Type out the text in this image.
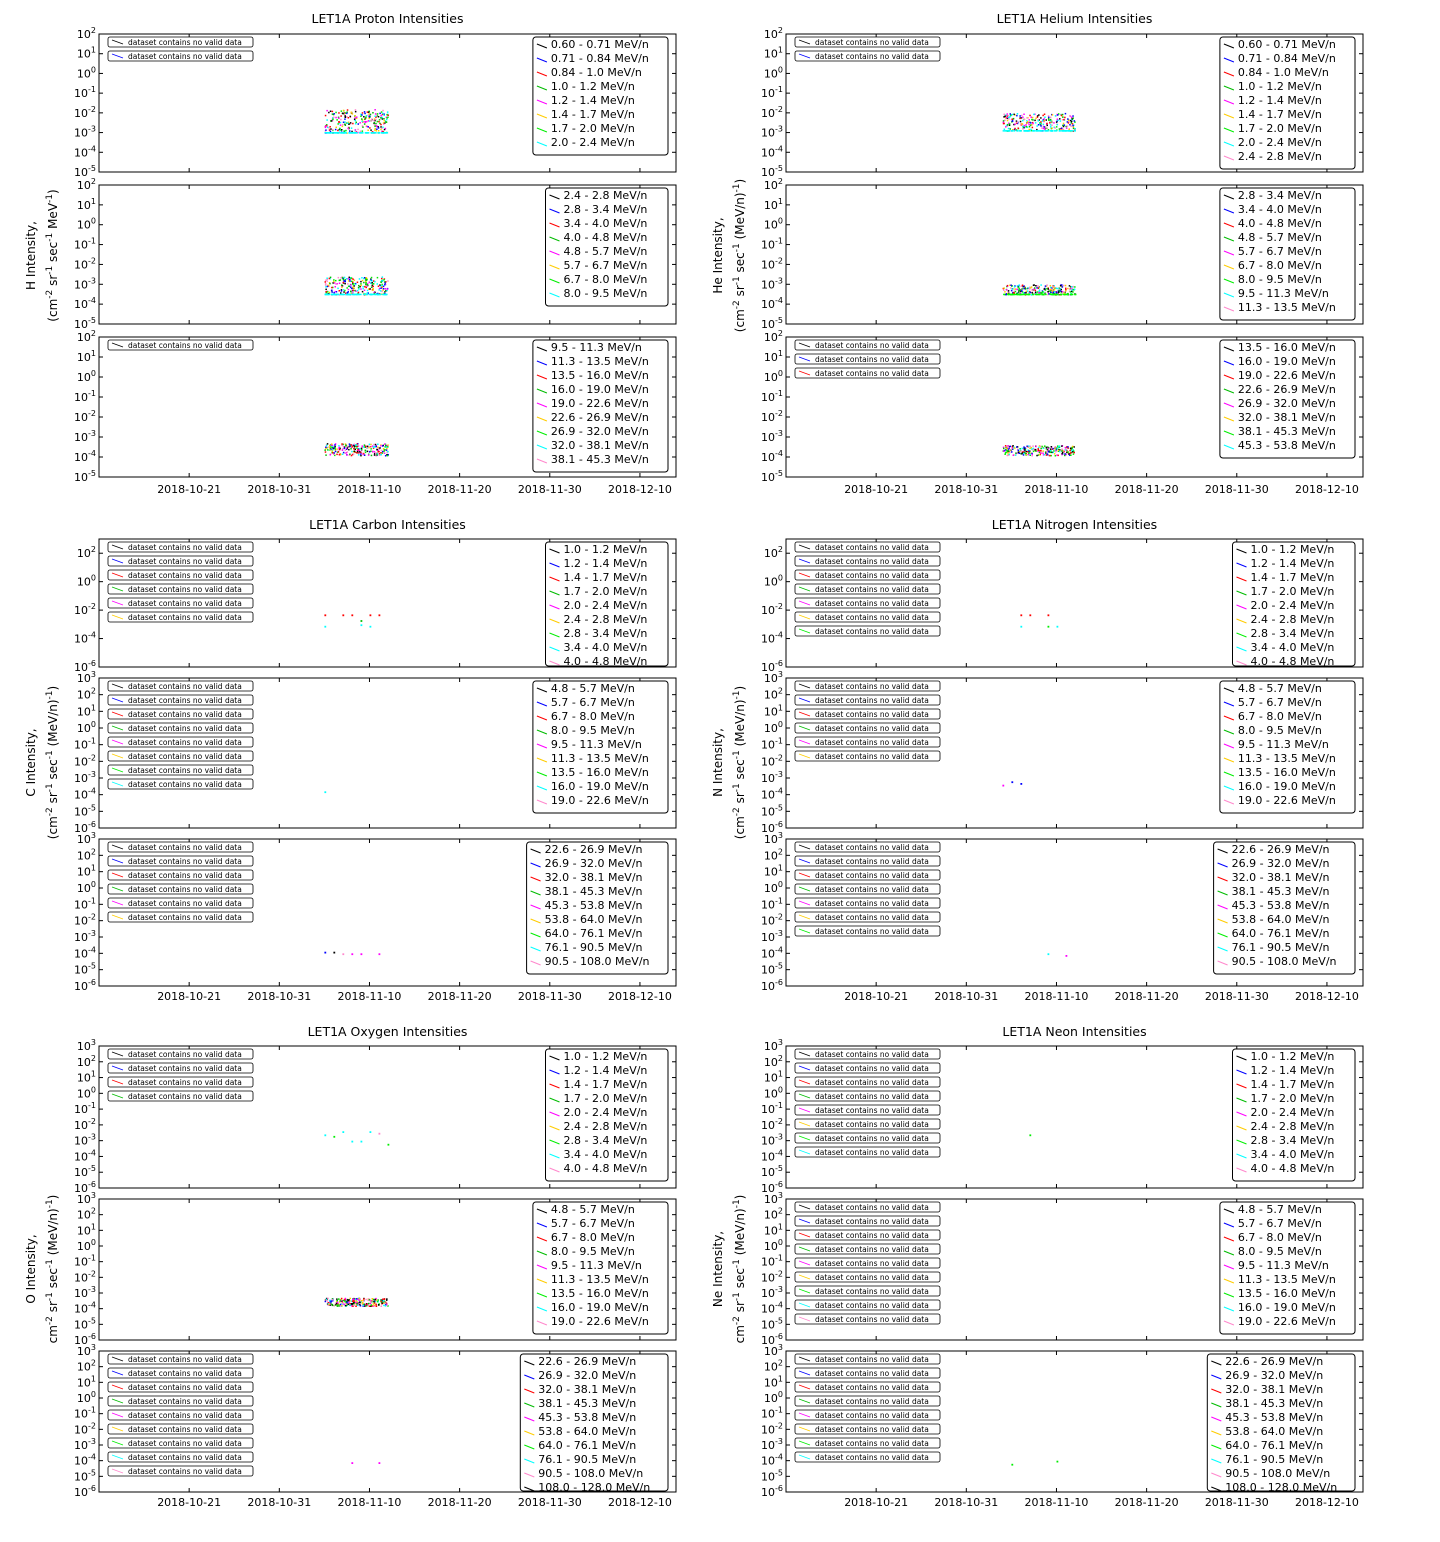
LET1A Proton Intensities
H Intensity,
($cm^{-2}$ $sr^{-1}$ $\sec^{-1} MeV^{-1}$)
$10^{-5}$
$10^{-4}$
$10^{-3}$
$10^{-2}$
$10^{-1}$
$10^0$
$10^1$
$10^2$
dataset contains no valid data
dataset contains no valid data
0.60 - 0.71 MeV/n
0.71 - 0.84 MeV/n
0.84 - 1.0 MeV/n
1.0 - 1.2 MeV/n
1.2 - 1.4 MeV/n
1.4 - 1.7 MeV/n
1.7 - 2.0 MeV/n
2.0 - 2.4 MeV/n
$10^{-5}$
$10^{-4}$
$10^{-3}$
$10^{-2}$
$10^{-1}$
$10^0$
$10^1$
$10^2$
2.4 - 2.8 MeV/n
2.8 - 3.4 MeV/n
3.4 - 4.0 MeV/n
4.0 - 4.8 MeV/n
4.8 - 5.7 MeV/n
5.7 - 6.7 MeV/n
6.7 - 8.0 MeV/n
8.0 - 9.5 MeV/n
$10^{-5}$
$10^{-4}$
$10^{-3}$
$10^{-2}$
$10^{-1}$
$10^0$
$10^1$
$10^2$
dataset contains no valid data	9.5 - 11.3 MeV/n
11.3 - 13.5 MeV/n
13.5 - 16.0 MeV/n
16.0 - 19.0 MeV/n
19.0 - 22.6 MeV/n
22.6 - 26.9 MeV/n
26.9 - 32.0 MeV/n
32.0 - 38.1 MeV/n
38.1 - 45.3 MeV/n
2018-10-21 2018-10-31 2018-11-10 2018-11-20 2018-11-30 2018-12-10
LET1A Helium Intensities
He Intensity,
($cm^{-2}$ $sr^{-1}$ $\sec^{-1} (MeV/n)^{-1}$)
$10^{-5}$
$10^{-4}$
$10^{-3}$
$10^{-2}$
$10^{-1}$
$10^0$
$10^1$
$10^2$
dataset contains no valid data
dataset contains no valid data
0.60 - 0.71 MeV/n
0.71 - 0.84 MeV/n
0.84 - 1.0 MeV/n
1.0 - 1.2 MeV/n
1.2 - 1.4 MeV/n
1.4 - 1.7 MeV/n
1.7 - 2.0 MeV/n
2.0 - 2.4 MeV/n
2.4 - 2.8 MeV/n
$10^{-5}$
$10^{-4}$
$10^{-3}$
$10^{-2}$
$10^{-1}$
$10^0$
$10^1$
$10^2$
2.8 - 3.4 MeV/n
3.4 - 4.0 MeV/n
4.0 - 4.8 MeV/n
4.8 - 5.7 MeV/n
5.7 - 6.7 MeV/n
6.7 - 8.0 MeV/n
8.0 - 9.5 MeV/n
9.5 - 11.3 MeV/n
11.3 - 13.5 MeV/n
$10^{-5}$
$10^{-4}$
$10^{-3}$
$10^{-2}$
$10^{-1}$
$10^0$
$10^1$
$10^2$
dataset contains no valid data
dataset contains no valid data
dataset contains no valid data
13.5 - 16.0 MeV/n
16.0 - 19.0 MeV/n
19.0 - 22.6 MeV/n
22.6 - 26.9 MeV/n
26.9 - 32.0 MeV/n
32.0 - 38.1 MeV/n
38.1 - 45.3 MeV/n
45.3 - 53.8 MeV/n
2018-10-21 2018-10-31 2018-11-10 2018-11-20 2018-11-30 2018-12-10
LET1A Carbon Intensities
C Intensity,
($cm^{-2}$ $sr^{-1}$ $\sec^{-1} (MeV/n)^{-1}$)
$10^{-6}$
$10^{-4}$
$10^{-2}$
$10^0$
$10^2$	dataset contains no valid data
dataset contains no valid data
dataset contains no valid data
dataset contains no valid data
dataset contains no valid data
dataset contains no valid data
1.0 - 1.2 MeV/n
1.2 - 1.4 MeV/n
1.4 - 1.7 MeV/n
1.7 - 2.0 MeV/n
2.0 - 2.4 MeV/n
2.4 - 2.8 MeV/n
2.8 - 3.4 MeV/n
3.4 - 4.0 MeV/n
4.0 - 4.8 MeV/n
$10^{-6}$
$10^{-5}$
$10^{-4}$
$10^{-3}$
$10^{-2}$
$10^{-1}$
$10^0$
$10^1$
$10^2$
$10^3$
dataset contains no valid data
dataset contains no valid data
dataset contains no valid data
dataset contains no valid data
dataset contains no valid data
dataset contains no valid data
dataset contains no valid data
dataset contains no valid data
4.8 - 5.7 MeV/n
5.7 - 6.7 MeV/n
6.7 - 8.0 MeV/n
8.0 - 9.5 MeV/n
9.5 - 11.3 MeV/n
11.3 - 13.5 MeV/n
13.5 - 16.0 MeV/n
16.0 - 19.0 MeV/n
19.0 - 22.6 MeV/n
$10^{-6}$
$10^{-5}$
$10^{-4}$
$10^{-3}$
$10^{-2}$
$10^{-1}$
$10^0$
$10^1$
$10^2$
$10^3$
dataset contains no valid data
dataset contains no valid data
dataset contains no valid data
dataset contains no valid data
dataset contains no valid data
dataset contains no valid data
22.6 - 26.9 MeV/n
26.9 - 32.0 MeV/n
32.0 - 38.1 MeV/n
38.1 - 45.3 MeV/n
45.3 - 53.8 MeV/n
53.8 - 64.0 MeV/n
64.0 - 76.1 MeV/n
76.1 - 90.5 MeV/n
90.5 - 108.0 MeV/n
2018-10-21 2018-10-31 2018-11-10 2018-11-20 2018-11-30 2018-12-10
LET1A Nitrogen Intensities
N Intensity,
($cm^{-2}$ $sr^{-1}$ $\sec^{-1} (MeV/n)^{-1}$)
$10^{-6}$
$10^{-4}$
$10^{-2}$
$10^0$
$10^2$	dataset contains no valid data
dataset contains no valid data
dataset contains no valid data
dataset contains no valid data
dataset contains no valid data
dataset contains no valid data
dataset contains no valid data
1.0 - 1.2 MeV/n
1.2 - 1.4 MeV/n
1.4 - 1.7 MeV/n
1.7 - 2.0 MeV/n
2.0 - 2.4 MeV/n
2.4 - 2.8 MeV/n
2.8 - 3.4 MeV/n
3.4 - 4.0 MeV/n
4.0 - 4.8 MeV/n
$10^{-6}$
$10^{-5}$
$10^{-4}$
$10^{-3}$
$10^{-2}$
$10^{-1}$
$10^0$
$10^1$
$10^2$
$10^3$
dataset contains no valid data
dataset contains no valid data
dataset contains no valid data
dataset contains no valid data
dataset contains no valid data
dataset contains no valid data
4.8 - 5.7 MeV/n
5.7 - 6.7 MeV/n
6.7 - 8.0 MeV/n
8.0 - 9.5 MeV/n
9.5 - 11.3 MeV/n
11.3 - 13.5 MeV/n
13.5 - 16.0 MeV/n
16.0 - 19.0 MeV/n
19.0 - 22.6 MeV/n
$10^{-6}$
$10^{-5}$
$10^{-4}$
$10^{-3}$
$10^{-2}$
$10^{-1}$
$10^0$
$10^1$
$10^2$
$10^3$
dataset contains no valid data
dataset contains no valid data
dataset contains no valid data
dataset contains no valid data
dataset contains no valid data
dataset contains no valid data
dataset contains no valid data
22.6 - 26.9 MeV/n
26.9 - 32.0 MeV/n
32.0 - 38.1 MeV/n
38.1 - 45.3 MeV/n
45.3 - 53.8 MeV/n
53.8 - 64.0 MeV/n
64.0 - 76.1 MeV/n
76.1 - 90.5 MeV/n
90.5 - 108.0 MeV/n
2018-10-21 2018-10-31 2018-11-10 2018-11-20 2018-11-30 2018-12-10
LET1A Oxygen Intensities
O Intensity,
$cm^{-2}$ $sr^{-1}$ $\sec^{-1} (MeV/n)^{-1}$)
$10^{-6}$
$10^{-5}$
$10^{-4}$
$10^{-3}$
$10^{-2}$
$10^{-1}$
$10^0$
$10^1$
$10^2$
$10^3$
dataset contains no valid data
dataset contains no valid data
dataset contains no valid data
dataset contains no valid data
1.0 - 1.2 MeV/n
1.2 - 1.4 MeV/n
1.4 - 1.7 MeV/n
1.7 - 2.0 MeV/n
2.0 - 2.4 MeV/n
2.4 - 2.8 MeV/n
2.8 - 3.4 MeV/n
3.4 - 4.0 MeV/n
4.0 - 4.8 MeV/n
$10^{-6}$
$10^{-5}$
$10^{-4}$
$10^{-3}$
$10^{-2}$
$10^{-1}$
$10^0$
$10^1$
$10^2$
$10^3$
4.8 - 5.7 MeV/n
5.7 - 6.7 MeV/n
6.7 - 8.0 MeV/n
8.0 - 9.5 MeV/n
9.5 - 11.3 MeV/n
11.3 - 13.5 MeV/n
13.5 - 16.0 MeV/n
16.0 - 19.0 MeV/n
19.0 - 22.6 MeV/n
$10^{-6}$
$10^{-5}$
$10^{-4}$
$10^{-3}$
$10^{-2}$
$10^{-1}$
$10^0$
$10^1$
$10^2$
$10^3$
dataset contains no valid data
dataset contains no valid data
dataset contains no valid data
dataset contains no valid data
dataset contains no valid data
dataset contains no valid data
dataset contains no valid data
dataset contains no valid data
dataset contains no valid data
22.6 - 26.9 MeV/n
26.9 - 32.0 MeV/n
32.0 - 38.1 MeV/n
38.1 - 45.3 MeV/n
45.3 - 53.8 MeV/n
53.8 - 64.0 MeV/n
64.0 - 76.1 MeV/n
76.1 - 90.5 MeV/n
90.5 - 108.0 MeV/n
108.0 - 128.0 MeV/n
2018-10-21 2018-10-31 2018-11-10 2018-11-20 2018-11-30 2018-12-10
LET1A Neon Intensities
Ne Intensity,
$cm^{-2}$ $sr^{-1}$ $\sec^{-1} (MeV/n)^{-1}$)
$10^{-6}$
$10^{-5}$
$10^{-4}$
$10^{-3}$
$10^{-2}$
$10^{-1}$
$10^0$
$10^1$
$10^2$
$10^3$
dataset contains no valid data
dataset contains no valid data
dataset contains no valid data
dataset contains no valid data
dataset contains no valid data
dataset contains no valid data
dataset contains no valid data
dataset contains no valid data
1.0 - 1.2 MeV/n
1.2 - 1.4 MeV/n
1.4 - 1.7 MeV/n
1.7 - 2.0 MeV/n
2.0 - 2.4 MeV/n
2.4 - 2.8 MeV/n
2.8 - 3.4 MeV/n
3.4 - 4.0 MeV/n
4.0 - 4.8 MeV/n
$10^{-6}$
$10^{-5}$
$10^{-4}$
$10^{-3}$
$10^{-2}$
$10^{-1}$
$10^0$
$10^1$
$10^2$
$10^3$
dataset contains no valid data
dataset contains no valid data
dataset contains no valid data
dataset contains no valid data
dataset contains no valid data
dataset contains no valid data
dataset contains no valid data
dataset contains no valid data
dataset contains no valid data
4.8 - 5.7 MeV/n
5.7 - 6.7 MeV/n
6.7 - 8.0 MeV/n
8.0 - 9.5 MeV/n
9.5 - 11.3 MeV/n
11.3 - 13.5 MeV/n
13.5 - 16.0 MeV/n
16.0 - 19.0 MeV/n
19.0 - 22.6 MeV/n
$10^{-6}$
$10^{-5}$
$10^{-4}$
$10^{-3}$
$10^{-2}$
$10^{-1}$
$10^0$
$10^1$
$10^2$
$10^3$
dataset contains no valid data
dataset contains no valid data
dataset contains no valid data
dataset contains no valid data
dataset contains no valid data
dataset contains no valid data
dataset contains no valid data
dataset contains no valid data
22.6 - 26.9 MeV/n
26.9 - 32.0 MeV/n
32.0 - 38.1 MeV/n
38.1 - 45.3 MeV/n
45.3 - 53.8 MeV/n
53.8 - 64.0 MeV/n
64.0 - 76.1 MeV/n
76.1 - 90.5 MeV/n
90.5 - 108.0 MeV/n
108.0 - 128.0 MeV/n
2018-10-21 2018-10-31 2018-11-10 2018-11-20 2018-11-30 2018-12-10
